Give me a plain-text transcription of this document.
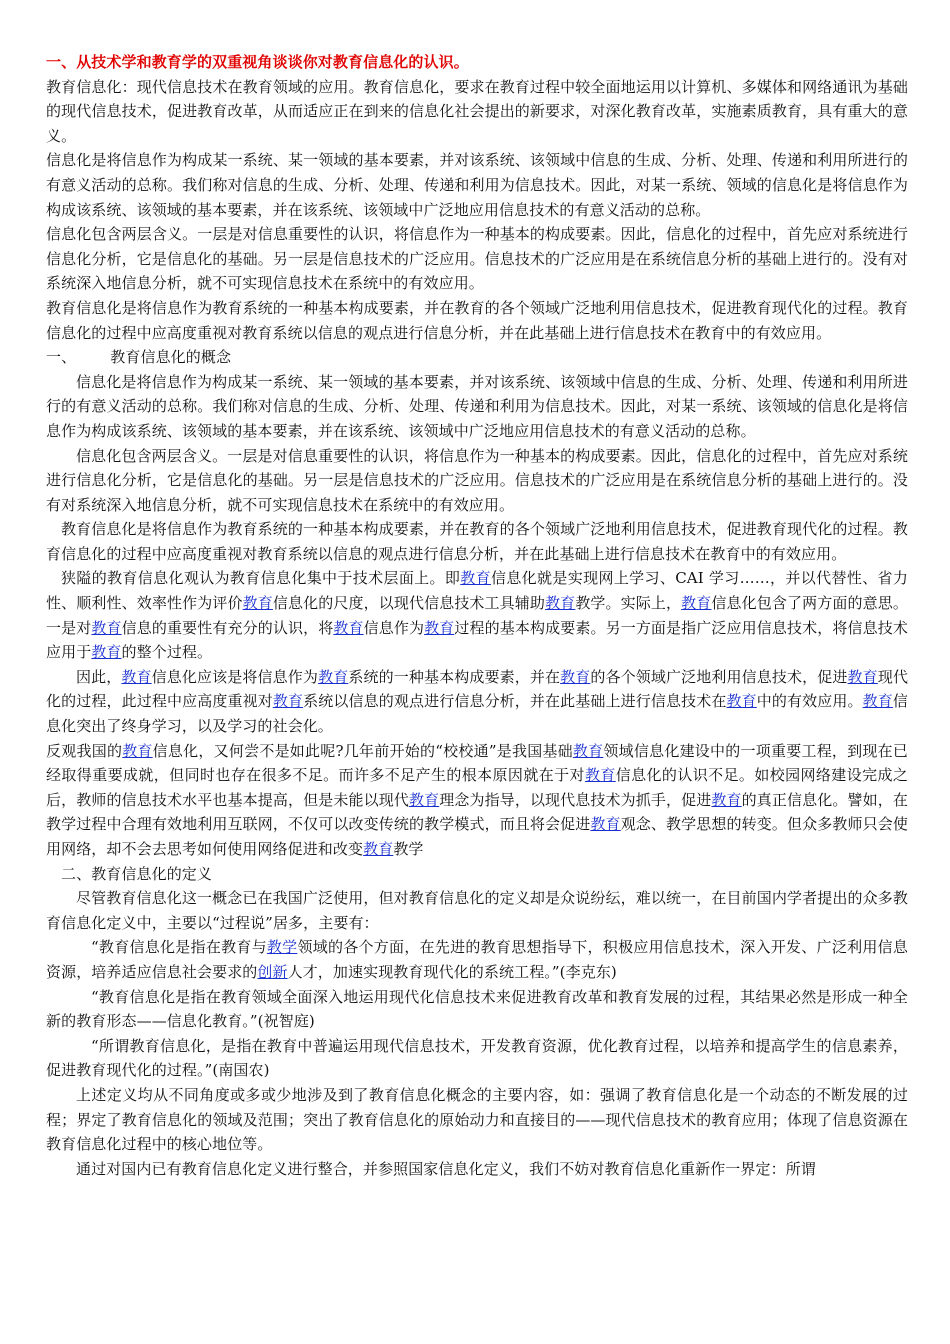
一、从技术学和教育学的双重视角谈谈你对教育信息化的认识。

教育信息化：现代信息技术在教育领域的应用。教育信息化，要求在教育过程中较全面地运用以计算机、多媒体和网络通讯为基础的现代信息技术，促进教育改革，从而适应正在到来的信息化社会提出的新要求，对深化教育改革，实施素质教育，具有重大的意义。

信息化是将信息作为构成某一系统、某一领域的基本要素，并对该系统、该领域中信息的生成、分析、处理、传递和利用所进行的有意义活动的总称。我们称对信息的生成、分析、处理、传递和利用为信息技术。因此，对某一系统、领域的信息化是将信息作为构成该系统、该领域的基本要素，并在该系统、该领域中广泛地应用信息技术的有意义活动的总称。

信息化包含两层含义。一层是对信息重要性的认识，将信息作为一种基本的构成要素。因此，信息化的过程中，首先应对系统进行信息化分析，它是信息化的基础。另一层是信息技术的广泛应用。信息技术的广泛应用是在系统信息分析的基础上进行的。没有对系统深入地信息分析，就不可实现信息技术在系统中的有效应用。

教育信息化是将信息作为教育系统的一种基本构成要素，并在教育的各个领域广泛地利用信息技术，促进教育现代化的过程。教育信息化的过程中应高度重视对教育系统以信息的观点进行信息分析，并在此基础上进行信息技术在教育中的有效应用。

一、       教育信息化的概念

信息化是将信息作为构成某一系统、某一领域的基本要素，并对该系统、该领域中信息的生成、分析、处理、传递和利用所进行的有意义活动的总称。我们称对信息的生成、分析、处理、传递和利用为信息技术。因此，对某一系统、该领域的信息化是将信息作为构成该系统、该领域的基本要素，并在该系统、该领域中广泛地应用信息技术的有意义活动的总称。

信息化包含两层含义。一层是对信息重要性的认识，将信息作为一种基本的构成要素。因此，信息化的过程中，首先应对系统进行信息化分析，它是信息化的基础。另一层是信息技术的广泛应用。信息技术的广泛应用是在系统信息分析的基础上进行的。没有对系统深入地信息分析，就不可实现信息技术在系统中的有效应用。

教育信息化是将信息作为教育系统的一种基本构成要素，并在教育的各个领域广泛地利用信息技术，促进教育现代化的过程。教育信息化的过程中应高度重视对教育系统以信息的观点进行信息分析，并在此基础上进行信息技术在教育中的有效应用。

狭隘的教育信息化观认为教育信息化集中于技术层面上。即教育信息化就是实现网上学习、CAI 学习……，并以代替性、省力性、顺利性、效率性作为评价教育信息化的尺度，以现代信息技术工具辅助教育教学。实际上，教育信息化包含了两方面的意思。一是对教育信息的重要性有充分的认识，将教育信息作为教育过程的基本构成要素。另一方面是指广泛应用信息技术，将信息技术应用于教育的整个过程。

因此，教育信息化应该是将信息作为教育系统的一种基本构成要素，并在教育的各个领域广泛地利用信息技术，促进教育现代化的过程，此过程中应高度重视对教育系统以信息的观点进行信息分析，并在此基础上进行信息技术在教育中的有效应用。教育信息化突出了终身学习，以及学习的社会化。

反观我国的教育信息化，又何尝不是如此呢?几年前开始的“校校通”是我国基础教育领域信息化建设中的一项重要工程，到现在已经取得重要成就，但同时也存在很多不足。而许多不足产生的根本原因就在于对教育信息化的认识不足。如校园网络建设完成之后，教师的信息技术水平也基本提高，但是未能以现代教育理念为指导，以现代息技术为抓手，促进教育的真正信息化。譬如，在教学过程中合理有效地利用互联网，不仅可以改变传统的教学模式，而且将会促进教育观念、教学思想的转变。但众多教师只会使用网络，却不会去思考如何使用网络促进和改变教育教学

二、教育信息化的定义

尽管教育信息化这一概念已在我国广泛使用，但对教育信息化的定义却是众说纷纭，难以统一，在目前国内学者提出的众多教育信息化定义中，主要以“过程说”居多，主要有：

“教育信息化是指在教育与教学领域的各个方面，在先进的教育思想指导下，积极应用信息技术，深入开发、广泛利用信息资源，培养适应信息社会要求的创新人才，加速实现教育现代化的系统工程。”(李克东)

“教育信息化是指在教育领域全面深入地运用现代化信息技术来促进教育改革和教育发展的过程，其结果必然是形成一种全新的教育形态——信息化教育。”(祝智庭)

“所谓教育信息化，是指在教育中普遍运用现代信息技术，开发教育资源，优化教育过程，以培养和提高学生的信息素养，促进教育现代化的过程。”(南国农)

上述定义均从不同角度或多或少地涉及到了教育信息化概念的主要内容，如：强调了教育信息化是一个动态的不断发展的过程；界定了教育信息化的领域及范围；突出了教育信息化的原始动力和直接目的——现代信息技术的教育应用；体现了信息资源在教育信息化过程中的核心地位等。

通过对国内已有教育信息化定义进行整合，并参照国家信息化定义，我们不妨对教育信息化重新作一界定：所谓
